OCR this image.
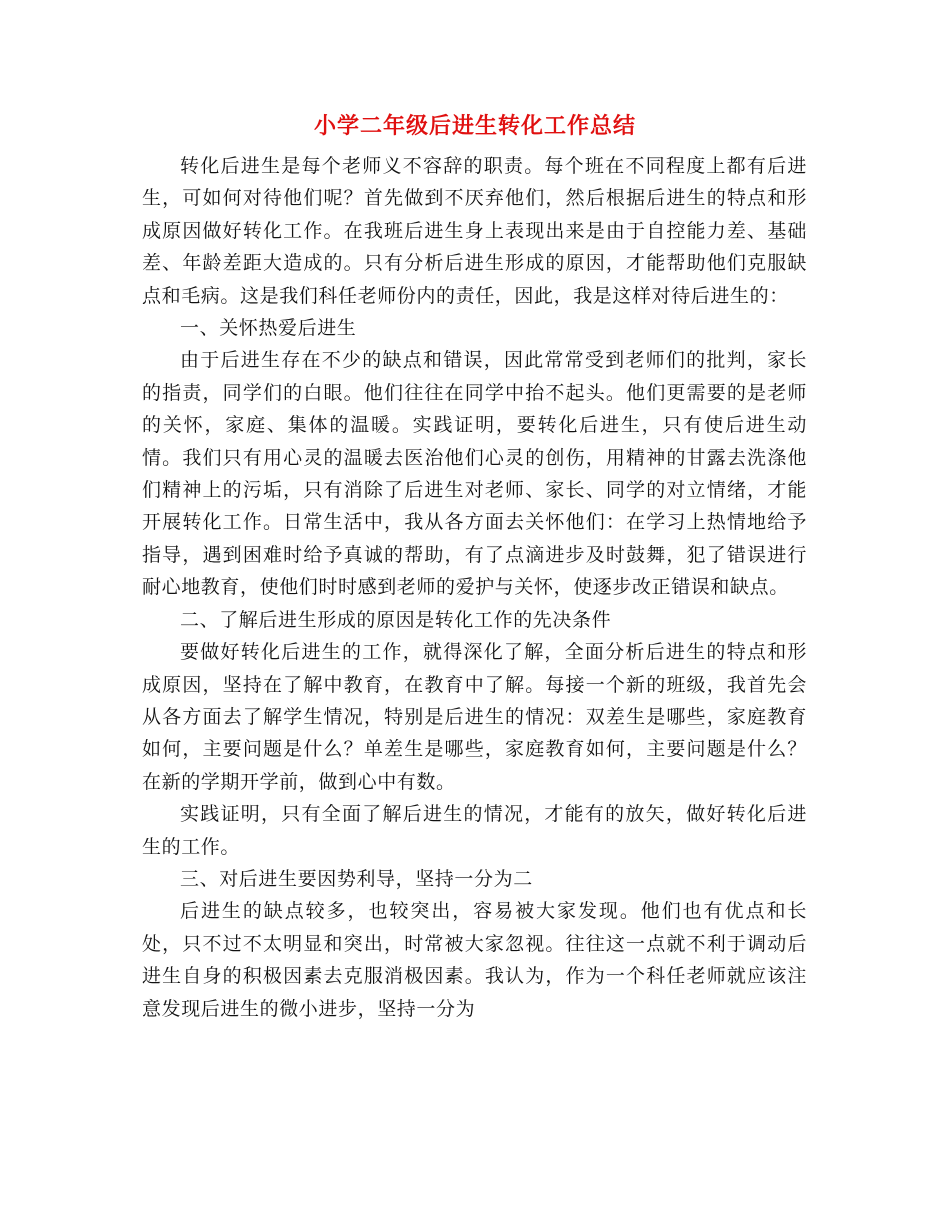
小学二年级后进生转化工作总结

转化后进生是每个老师义不容辞的职责。每个班在不同程度上都有后进生，可如何对待他们呢？首先做到不厌弃他们，然后根据后进生的特点和形成原因做好转化工作。在我班后进生身上表现出来是由于自控能力差、基础差、年龄差距大造成的。只有分析后进生形成的原因，才能帮助他们克服缺点和毛病。这是我们科任老师份内的责任，因此，我是这样对待后进生的：

一、关怀热爱后进生

由于后进生存在不少的缺点和错误，因此常常受到老师们的批判，家长的指责，同学们的白眼。他们往往在同学中抬不起头。他们更需要的是老师的关怀，家庭、集体的温暖。实践证明，要转化后进生，只有使后进生动情。我们只有用心灵的温暖去医治他们心灵的创伤，用精神的甘露去洗涤他们精神上的污垢，只有消除了后进生对老师、家长、同学的对立情绪，才能开展转化工作。日常生活中，我从各方面去关怀他们：在学习上热情地给予指导，遇到困难时给予真诚的帮助，有了点滴进步及时鼓舞，犯了错误进行耐心地教育，使他们时时感到老师的爱护与关怀，使逐步改正错误和缺点。

二、了解后进生形成的原因是转化工作的先决条件

要做好转化后进生的工作，就得深化了解，全面分析后进生的特点和形成原因，坚持在了解中教育，在教育中了解。每接一个新的班级，我首先会从各方面去了解学生情况，特别是后进生的情况：双差生是哪些，家庭教育如何，主要问题是什么？单差生是哪些，家庭教育如何，主要问题是什么？在新的学期开学前，做到心中有数。

实践证明，只有全面了解后进生的情况，才能有的放矢，做好转化后进生的工作。

三、对后进生要因势利导，坚持一分为二

后进生的缺点较多，也较突出，容易被大家发现。他们也有优点和长处，只不过不太明显和突出，时常被大家忽视。往往这一点就不利于调动后进生自身的积极因素去克服消极因素。我认为，作为一个科任老师就应该注意发现后进生的微小进步，坚持一分为
